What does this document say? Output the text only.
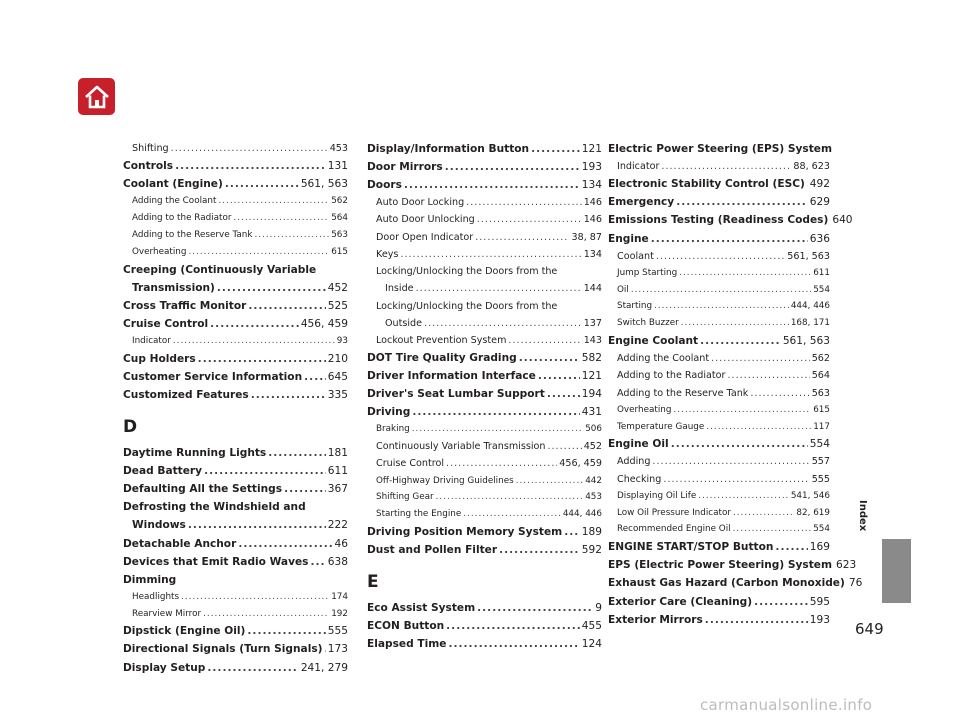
Shifting .....	453
Controls .....	131
Coolant (Engine) .....	561, 563
Adding the Coolant .....	562
Adding to the Radiator .....	564
Adding to the Reserve Tank .....	563
Overheating .....	615
Creeping (Continuously Variable
Transmission) .....	452
Cross Traffic Monitor .....	525
Cruise Control .....	456, 459
Indicator .....	93
Cup Holders .....	210
Customer Service Information ..... 645
Customized Features .....	335
D
Daytime Running Lights .....	181
Dead Battery .....	611
Defaulting All the Settings .....	367
Defrosting the Windshield and
Windows .....	222
Detachable Anchor .....	46
Devices that Emit Radio Waves ..... 638
Dimming
Headlights .....	174
Rearview Mirror .....	192
Dipstick (Engine Oil) .....	555
Directional Signals (Turn Signals) ..... 173
Display Setup .....	241, 279
Display/Information Button .....	121
Door Mirrors .....	193
Doors .....	134
Auto Door Locking .....	146
Auto Door Unlocking .....	146
Door Open Indicator .....	38, 87
Keys .....	134
Locking/Unlocking the Doors from the
Inside .....	144
Locking/Unlocking the Doors from the
Outside .....	137
Lockout Prevention System .....	143
DOT Tire Quality Grading .....	582
Driver Information Interface .....	121
Driver's Seat Lumbar Support .....	194
Driving .....	431
Braking .....	506
Continuously Variable Transmission .....	452
Cruise Control .....	456, 459
Off-Highway Driving Guidelines .....	442
Shifting Gear .....	453
Starting the Engine .....	444, 446
Driving Position Memory System ..... 189
Dust and Pollen Filter .....	592
E
Eco Assist System .....	9
ECON Button .....	455
Elapsed Time .....	124
Electric Power Steering (EPS) System
Indicator .....	88, 623
Electronic Stability Control (ESC) ..... 492
Emergency .....	629
Emissions Testing (Readiness Codes) 640
Engine .....	636
Coolant .....	561, 563
Jump Starting .....	611
Oil .....	554
Starting .....	444, 446
Switch Buzzer .....	168, 171
Engine Coolant .....	561, 563
Adding the Coolant .....	562
Adding to the Radiator .....	564
Adding to the Reserve Tank .....	563
Overheating .....	615
Temperature Gauge .....	117
Engine Oil .....	554
Adding .....	557
Checking .....	555
Displaying Oil Life .....	541, 546
Low Oil Pressure Indicator .....	82, 619
Recommended Engine Oil .....	554
ENGINE START/STOP Button .....	169
EPS (Electric Power Steering) System 623
Exhaust Gas Hazard (Carbon Monoxide) 76
Exterior Care (Cleaning) .....	595
Exterior Mirrors .....	193
Index
649
carmanualsonline.info
